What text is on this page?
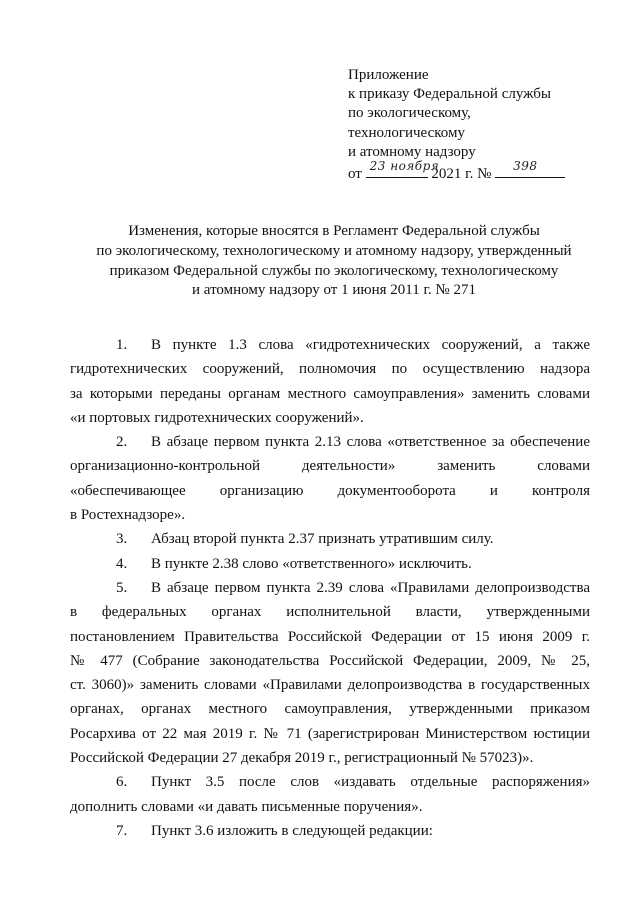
Приложение
к приказу Федеральной службы
по экологическому,
технологическому
и атомному надзору
от
23 ноября
2021 г. №
398
Изменения, которые вносятся в Регламент Федеральной службы
по экологическому, технологическому и атомному надзору, утвержденный
приказом Федеральной службы по экологическому, технологическому
и атомному надзору от 1 июня 2011 г. № 271
1. В пункте 1.3 слова «гидротехнических сооружений, а также
гидротехнических сооружений, полномочия по осуществлению надзора
за которыми переданы органам местного самоуправления» заменить словами
«и портовых гидротехнических сооружений».
2. В абзаце первом пункта 2.13 слова «ответственное за обеспечение
организационно-контрольной деятельности» заменить словами
«обеспечивающее организацию документооборота и контроля
в Ростехнадзоре».
3. Абзац второй пункта 2.37 признать утратившим силу.
4. В пункте 2.38 слово «ответственного» исключить.
5. В абзаце первом пункта 2.39 слова «Правилами делопроизводства
в федеральных органах исполнительной власти, утвержденными
постановлением Правительства Российской Федерации от 15 июня 2009 г.
№ 477 (Собрание законодательства Российской Федерации, 2009, № 25,
ст. 3060)» заменить словами «Правилами делопроизводства в государственных
органах, органах местного самоуправления, утвержденными приказом
Росархива от 22 мая 2019 г. № 71 (зарегистрирован Министерством юстиции
Российской Федерации 27 декабря 2019 г., регистрационный № 57023)».
6. Пункт 3.5 после слов «издавать отдельные распоряжения»
дополнить словами «и давать письменные поручения».
7. Пункт 3.6 изложить в следующей редакции:
